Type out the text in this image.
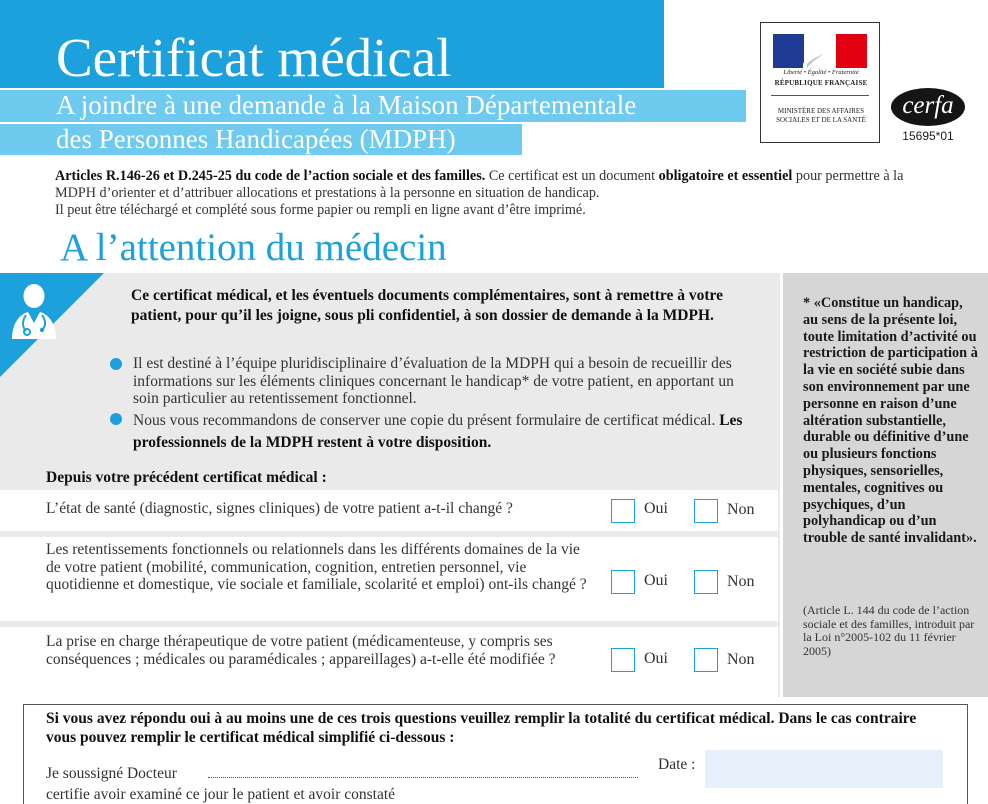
Certificat médical
A joindre à une demande à la Maison Départementale
des Personnes Handicapées (MDPH)
Liberté • Égalité • Fraternité
RÉPUBLIQUE FRANÇAISE
MINISTÈRE DES AFFAIRES SOCIALES ET DE LA SANTÉ
cerfa
15695*01
Articles R.146-26 et D.245-25 du code de l’action sociale et des familles. Ce certificat est un document obligatoire et essentiel pour permettre à la MDPH d’orienter et d’attribuer allocations et prestations à la personne en situation de handicap.
Il peut être téléchargé et complété sous forme papier ou rempli en ligne avant d’être imprimé.
A l’attention du médecin
Ce certificat médical, et les éventuels documents complémentaires, sont à remettre à votre patient, pour qu’il les joigne, sous pli confidentiel, à son dossier de demande à la MDPH.
Il est destiné à l’équipe pluridisciplinaire d’évaluation de la MDPH qui a besoin de recueillir des informations sur les éléments cliniques concernant le handicap* de votre patient, en apportant un soin particulier au retentissement fonctionnel.
Nous vous recommandons de conserver une copie du présent formulaire de certificat médical. Les professionnels de la MDPH restent à votre disposition.
Depuis votre précédent certificat médical :
L’état de santé (diagnostic, signes cliniques) de votre patient a-t-il changé ?	Oui	Non
Les retentissements fonctionnels ou relationnels dans les différents domaines de la vie de votre patient (mobilité, communication, cognition, entretien personnel, vie quotidienne et domestique, vie sociale et familiale, scolarité et emploi) ont-ils changé ?	Oui	Non
La prise en charge thérapeutique de votre patient (médicamenteuse, y compris ses conséquences ; médicales ou paramédicales ; appareillages) a-t-elle été modifiée ?	Oui	Non
* «Constitue un handicap, au sens de la présente loi, toute limitation d’activité ou restriction de participation à la vie en société subie dans son environnement par une personne en raison d’une altération substantielle, durable ou définitive d’une ou plusieurs fonctions physiques, sensorielles, mentales, cognitives ou psychiques, d’un polyhandicap ou d’un trouble de santé invalidant».
(Article L. 144 du code de l’action sociale et des familles, introduit par la Loi n°2005-102 du 11 février 2005)
Si vous avez répondu oui à au moins une de ces trois questions veuillez remplir la totalité du certificat médical. Dans le cas contraire vous pouvez remplir le certificat médical simplifié ci-dessous :
Je soussigné Docteur
Date :
certifie avoir examiné ce jour le patient et avoir constaté
